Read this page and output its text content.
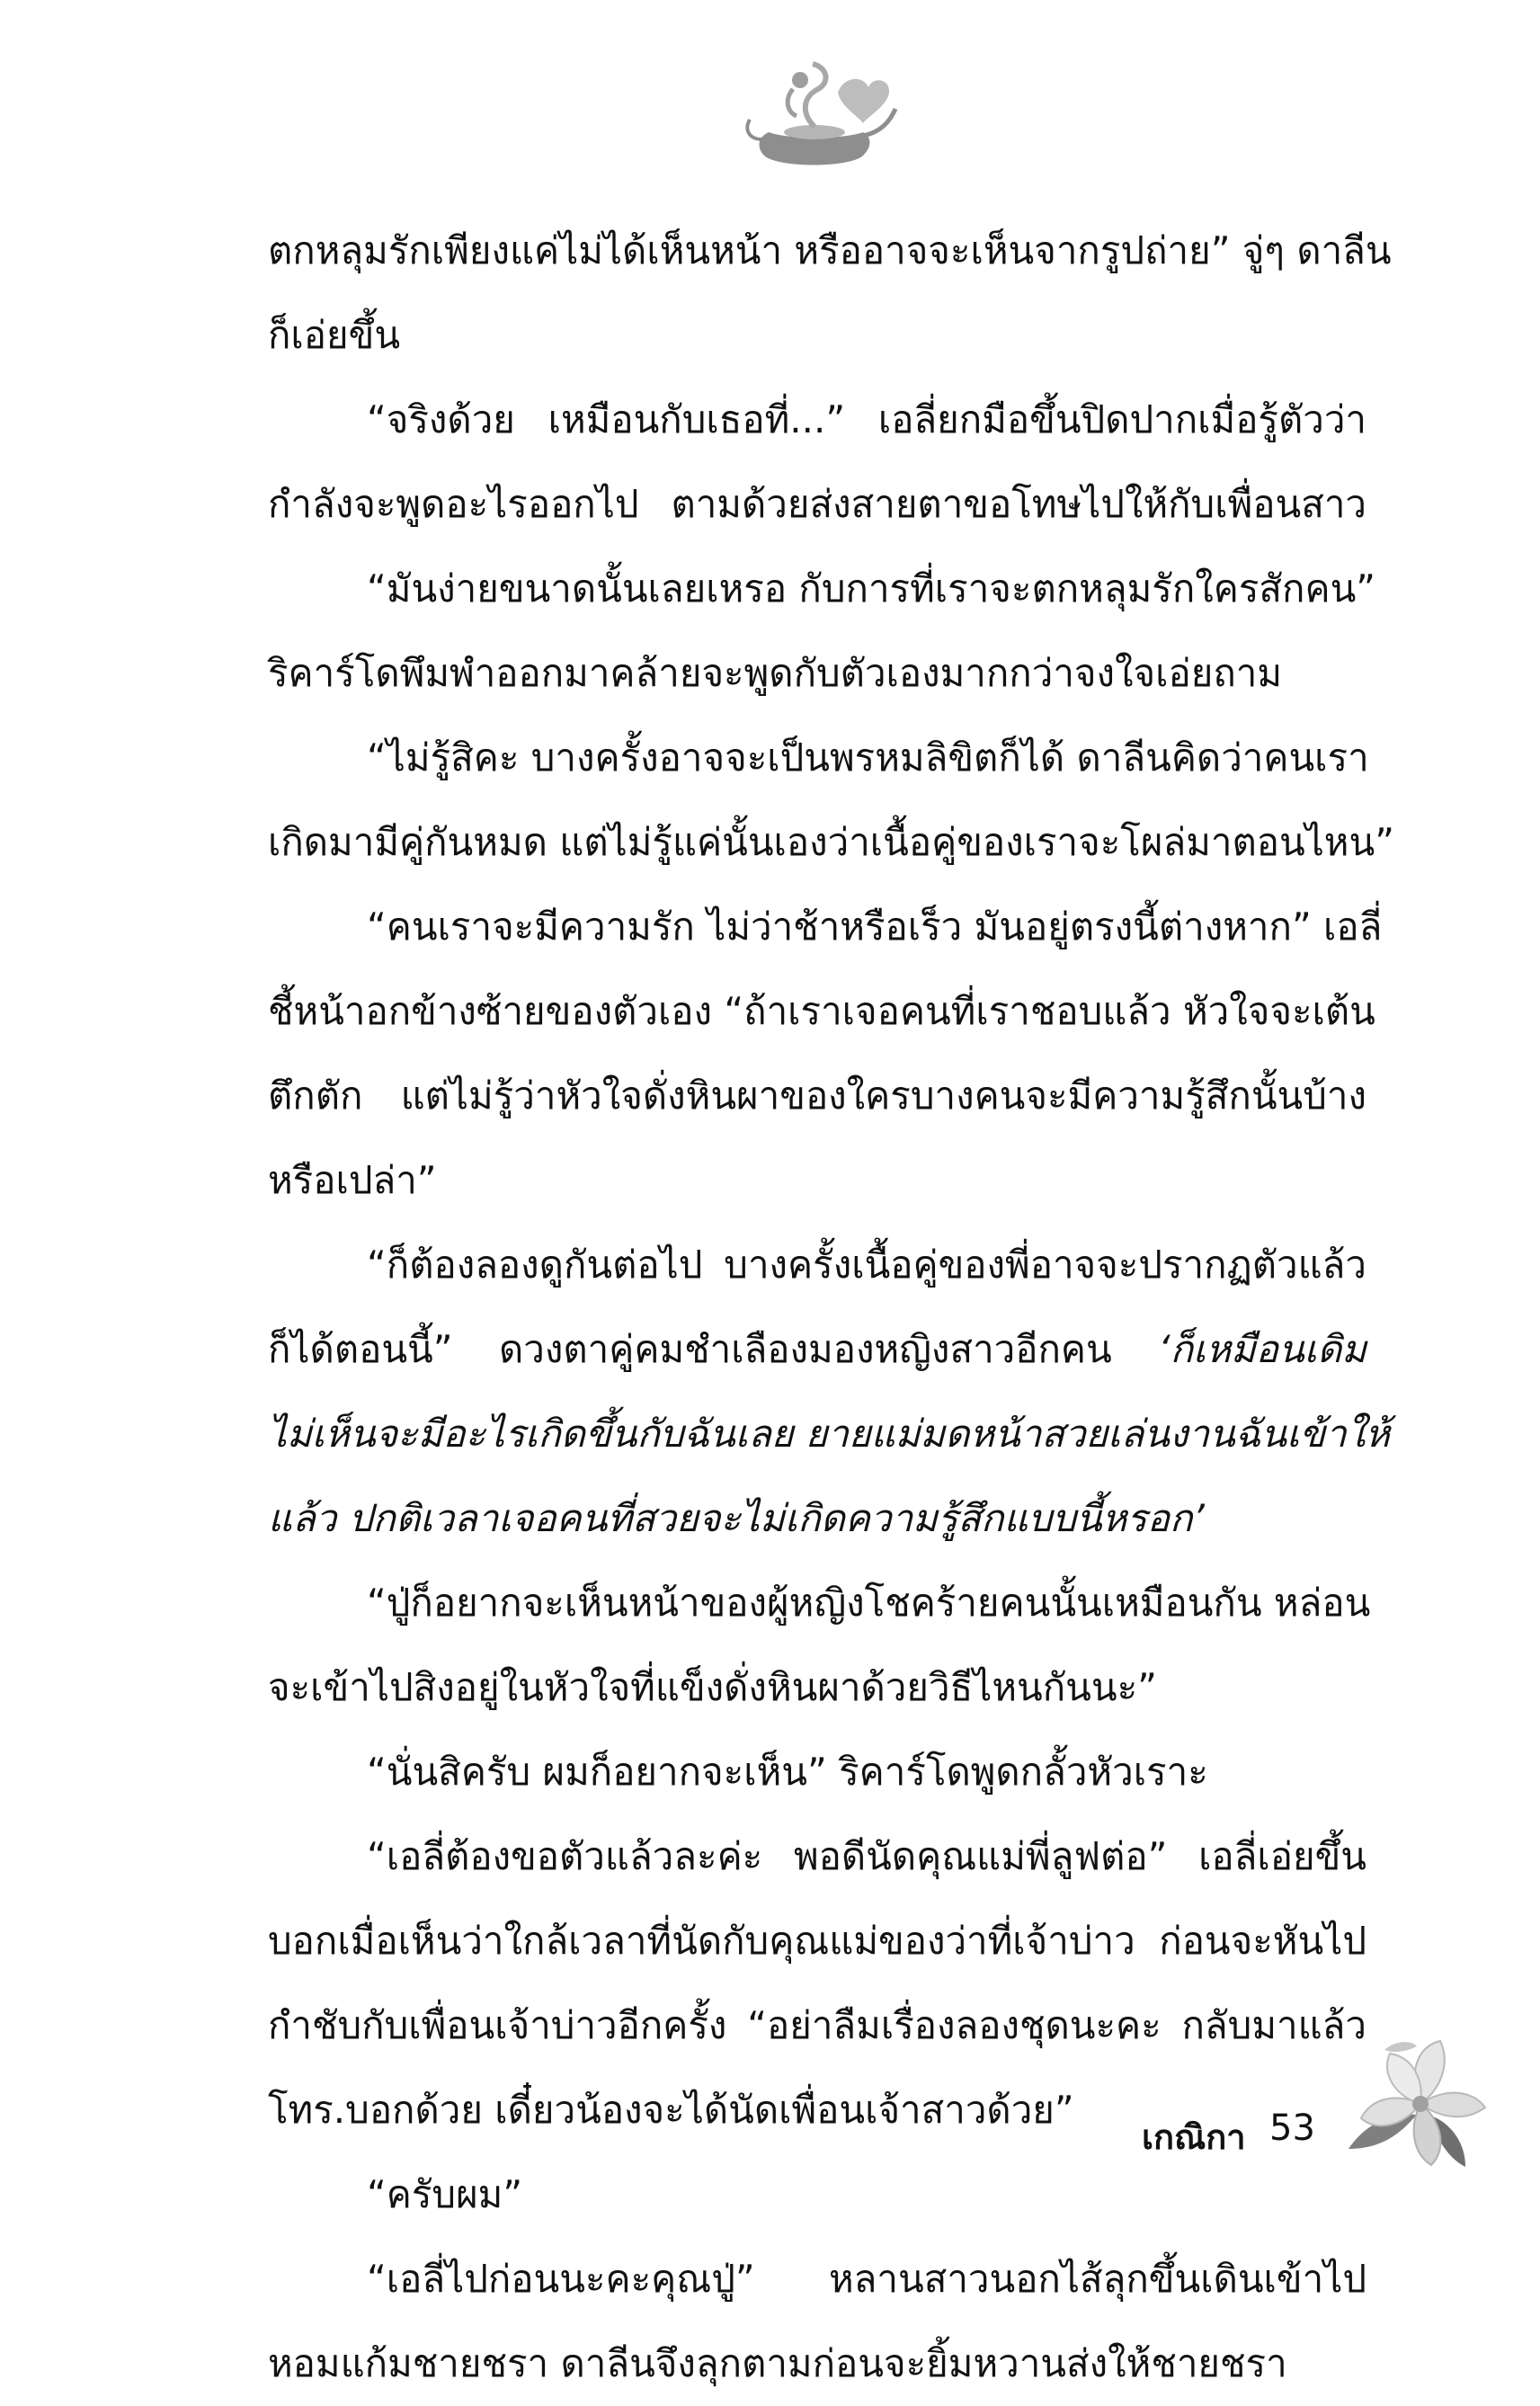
ตกหลุมรักเพียงแค่ไม่ได้เห็นหน้า หรืออาจจะเห็นจากรูปถ่าย” จู่ๆ ดาลีน
ก็เอ่ยขึ้น
“จริงด้วย เหมือนกับเธอที่...” เอลี่ยกมือขึ้นปิดปากเมื่อรู้ตัวว่า
กำลังจะพูดอะไรออกไป ตามด้วยส่งสายตาขอโทษไปให้กับเพื่อนสาว
“มันง่ายขนาดนั้นเลยเหรอ กับการที่เราจะตกหลุมรักใครสักคน”
ริคาร์โดพึมพำออกมาคล้ายจะพูดกับตัวเองมากกว่าจงใจเอ่ยถาม
“ไม่รู้สิคะ บางครั้งอาจจะเป็นพรหมลิขิตก็ได้ ดาลีนคิดว่าคนเรา
เกิดมามีคู่กันหมด แต่ไม่รู้แค่นั้นเองว่าเนื้อคู่ของเราจะโผล่มาตอนไหน”
“คนเราจะมีความรัก ไม่ว่าช้าหรือเร็ว มันอยู่ตรงนี้ต่างหาก” เอลี่
ชี้หน้าอกข้างซ้ายของตัวเอง “ถ้าเราเจอคนที่เราชอบแล้ว หัวใจจะเต้น
ตึกตัก แต่ไม่รู้ว่าหัวใจดั่งหินผาของใครบางคนจะมีความรู้สึกนั้นบ้าง
หรือเปล่า”
“ก็ต้องลองดูกันต่อไป บางครั้งเนื้อคู่ของพี่อาจจะปรากฏตัวแล้ว
ก็ได้ตอนนี้” ดวงตาคู่คมชำเลืองมองหญิงสาวอีกคน ‘ก็เหมือนเดิม
ไม่เห็นจะมีอะไรเกิดขึ้นกับฉันเลย ยายแม่มดหน้าสวยเล่นงานฉันเข้าให้
แล้ว ปกติเวลาเจอคนที่สวยจะไม่เกิดความรู้สึกแบบนี้หรอก’
“ปู่ก็อยากจะเห็นหน้าของผู้หญิงโชคร้ายคนนั้นเหมือนกัน หล่อน
จะเข้าไปสิงอยู่ในหัวใจที่แข็งดั่งหินผาด้วยวิธีไหนกันนะ”
“นั่นสิครับ ผมก็อยากจะเห็น” ริคาร์โดพูดกลั้วหัวเราะ
“เอลี่ต้องขอตัวแล้วละค่ะ พอดีนัดคุณแม่พี่ลูฟต่อ” เอลี่เอ่ยขึ้น
บอกเมื่อเห็นว่าใกล้เวลาที่นัดกับคุณแม่ของว่าที่เจ้าบ่าว ก่อนจะหันไป
กำชับกับเพื่อนเจ้าบ่าวอีกครั้ง “อย่าลืมเรื่องลองชุดนะคะ กลับมาแล้ว
โทร.บอกด้วย เดี๋ยวน้องจะได้นัดเพื่อนเจ้าสาวด้วย”
“ครับผม”
“เอลี่ไปก่อนนะคะคุณปู่” หลานสาวนอกไส้ลุกขึ้นเดินเข้าไป
หอมแก้มชายชรา ดาลีนจึงลุกตามก่อนจะยิ้มหวานส่งให้ชายชรา
เกณิกา 53
